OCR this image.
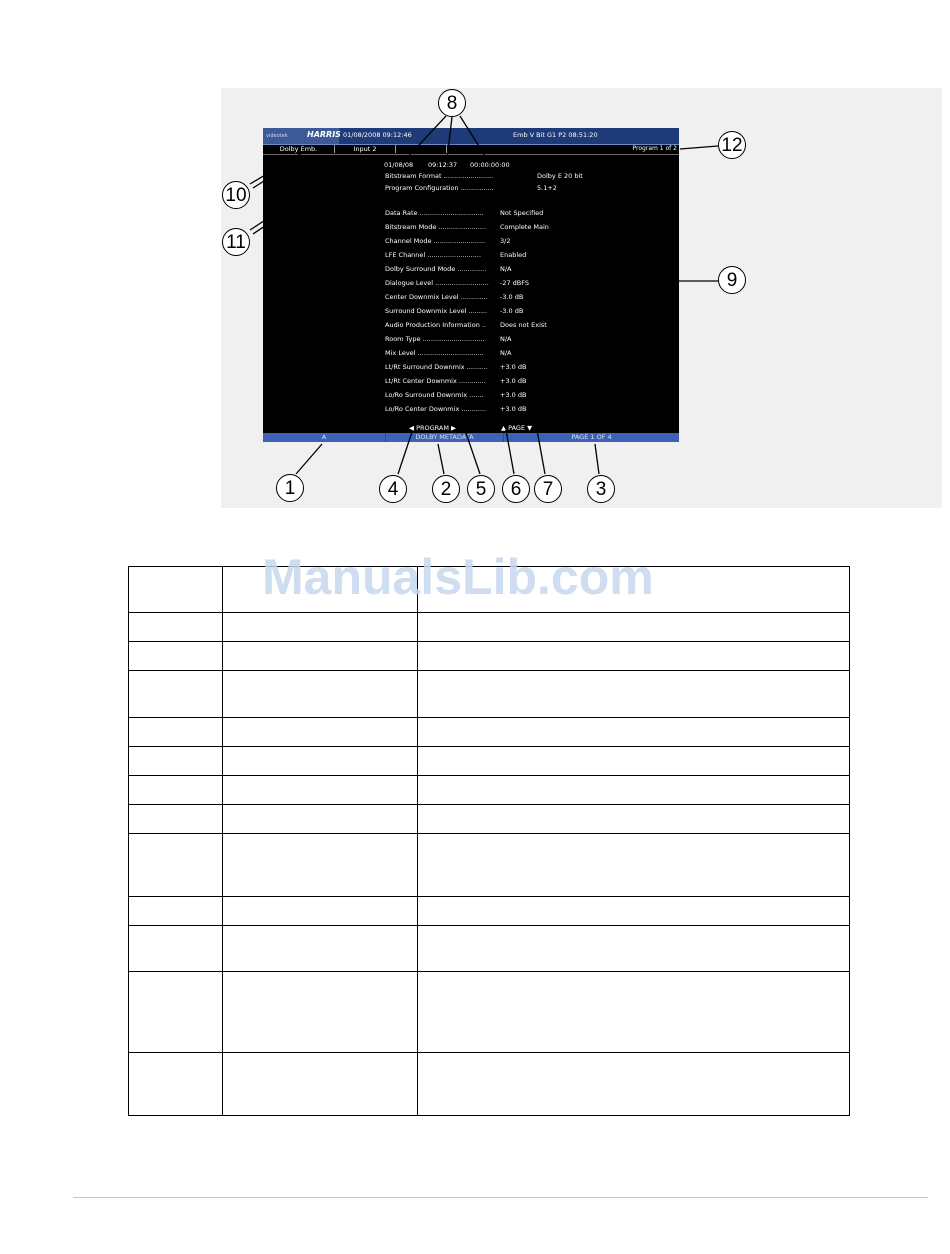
videotek HARRIS 01/08/2008 09:12:46	Emb V Bit G1 P2 08:51:20
Dolby Emb.	Input 2	Program 1 of 2
01/08/08 09:12:37 00:00:00:00
Bitstream Format ........................	Dolby E 20 bit
Program Configuration ................	5.1+2
Data Rate ...............................	Not Specified
Bitstream Mode ....................... Complete Main
Channel Mode ......................... 3/2
LFE Channel ..........................	Enabled
Dolby Surround Mode .............. N/A
Dialogue Level .......................... -27 dBFS
Center Downmix Level ............. -3.0 dB
Surround Downmix Level ......... -3.0 dB
Audio Production Information .. Does not Exist
Room Type .............................. N/A
Mix Level ................................	N/A
Lt/Rt Surround Downmix .......... +3.0 dB
Lt/Rt Center Downmix ............. +3.0 dB
Lo/Ro Surround Downmix .......	+3.0 dB
Lo/Ro Center Downmix ............ +3.0 dB
◀ PROGRAM ▶	▲ PAGE ▼
A	DOLBY METADATA	PAGE 1 OF 4
8
12
10
11
9
1	4	2	5	6	7	3

ManualsLib.com
